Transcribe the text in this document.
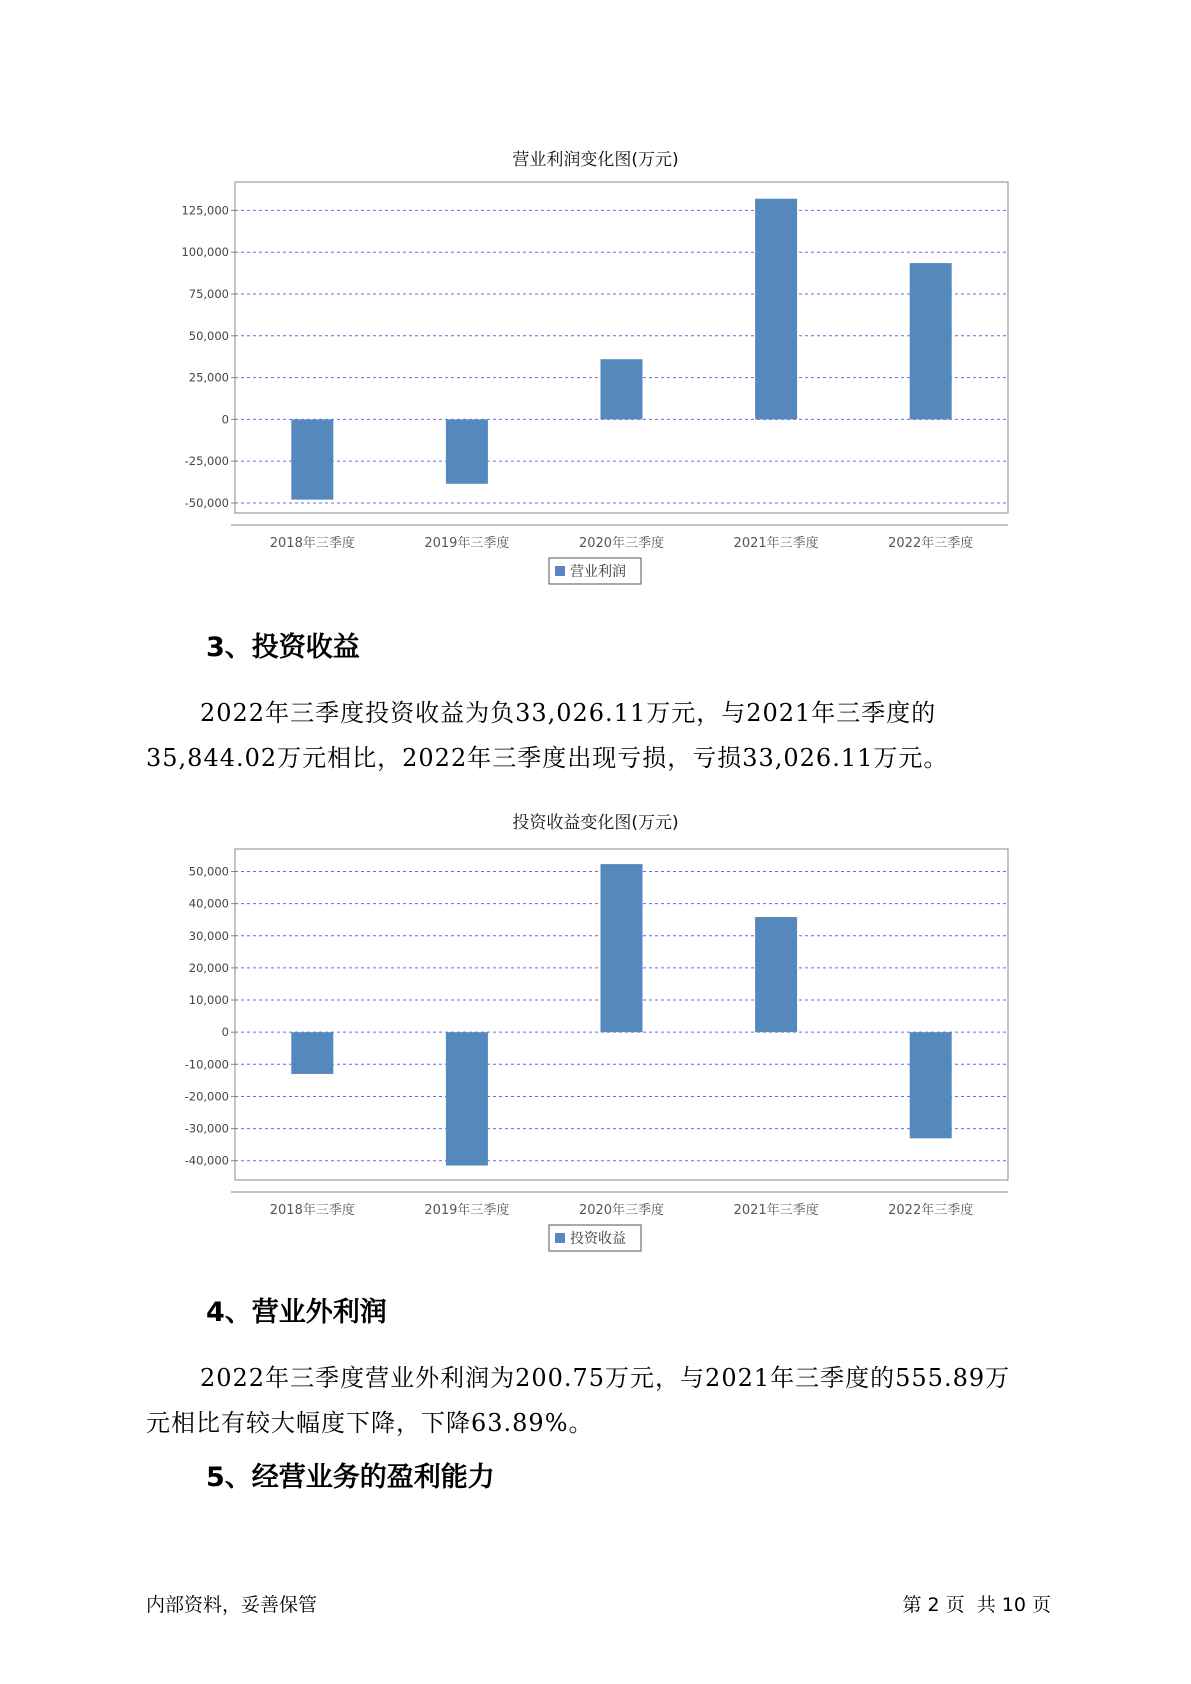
营业利润变化图(万元)
125,000
100,000
75,000
50,000
25,000
0
-25,000
-50,000
2018年三季度	2019年三季度	2020年三季度	2021年三季度	2022年三季度
营业利润
3、投资收益
2022年三季度投资收益为负33,026.11万元，与2021年三季度的
35,844.02万元相比，2022年三季度出现亏损，亏损33,026.11万元。
投资收益变化图(万元)
50,000
40,000
30,000
20,000
10,000
0
-10,000
-20,000
-30,000
-40,000
2018年三季度	2019年三季度	2020年三季度	2021年三季度	2022年三季度
投资收益
4、营业外利润
2022年三季度营业外利润为200.75万元，与2021年三季度的555.89万
元相比有较大幅度下降，下降63.89%。
5、经营业务的盈利能力
内部资料，妥善保管	第 2 页  共 10 页
